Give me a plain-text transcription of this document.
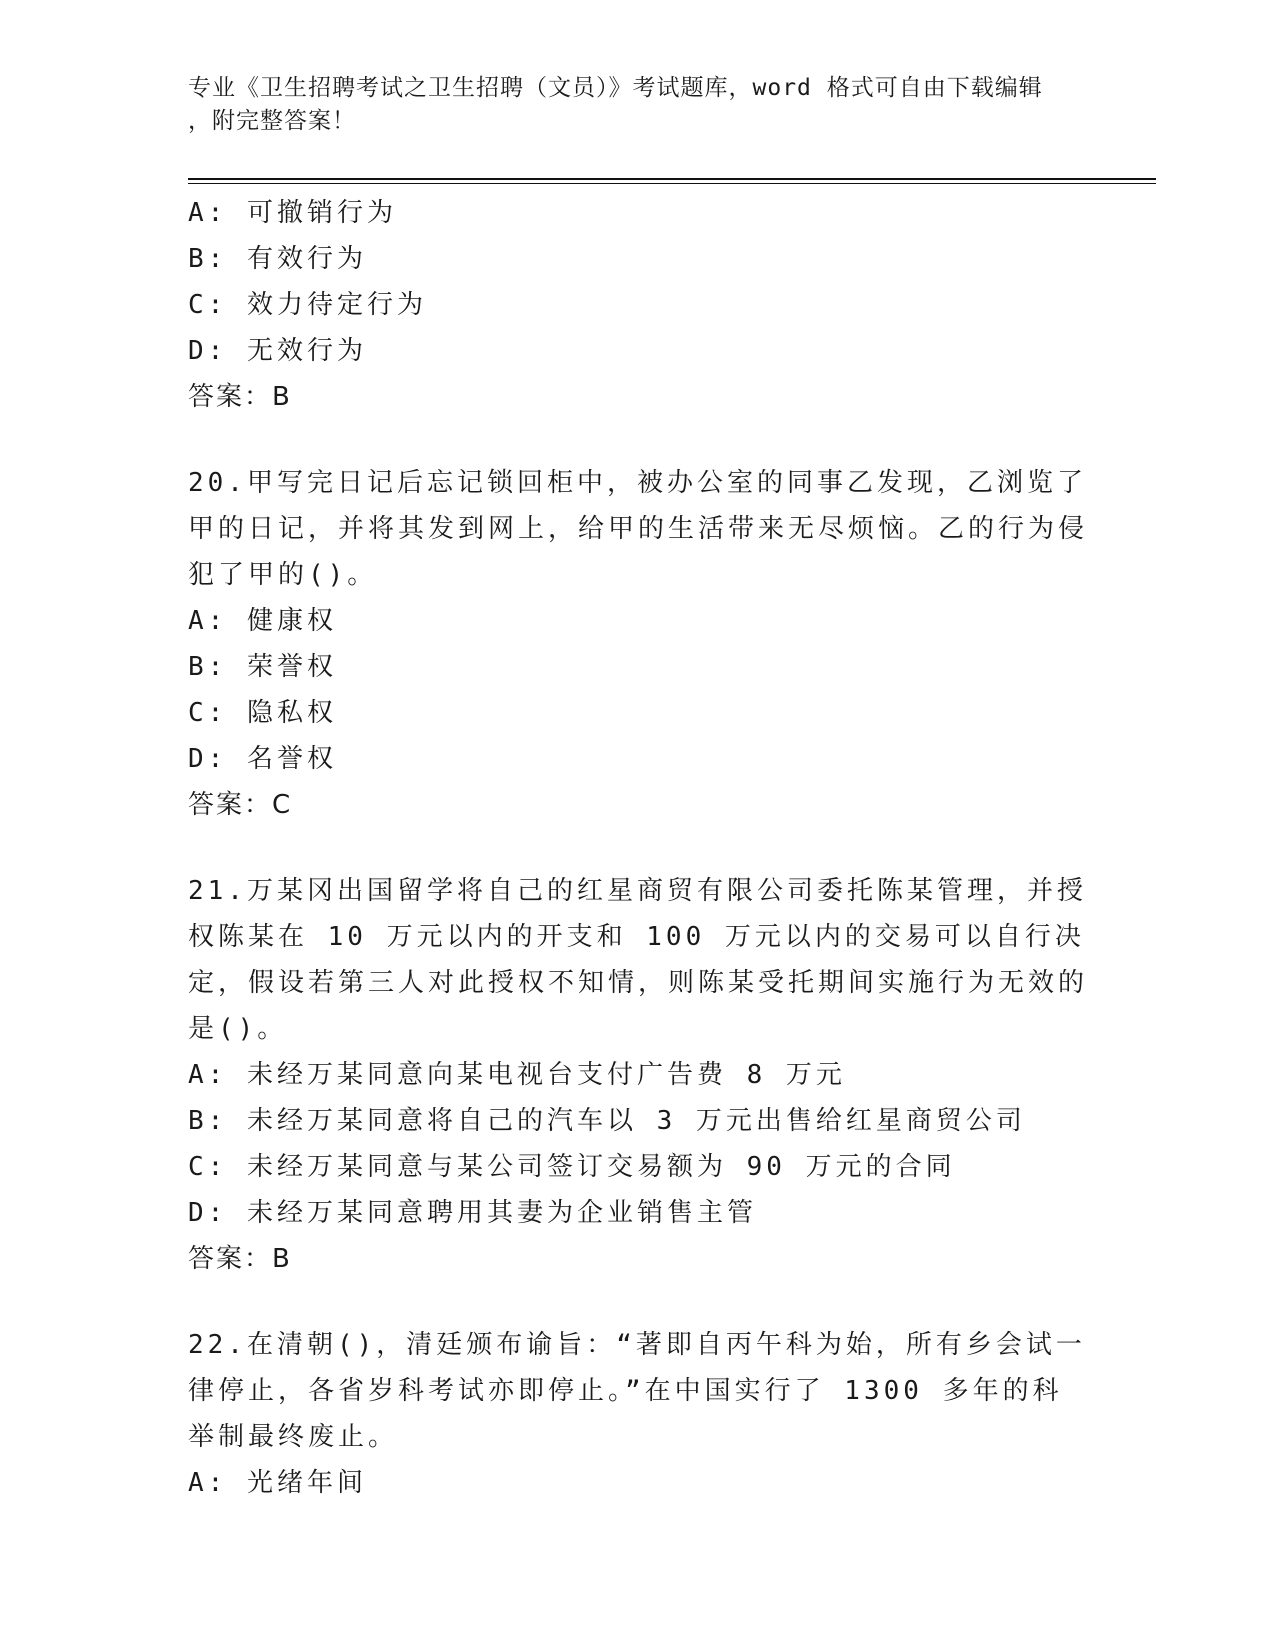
专业《卫生招聘考试之卫生招聘（文员）》考试题库，word 格式可自由下载编辑
，附完整答案！
A: 可撤销行为
B: 有效行为
C: 效力待定行为
D: 无效行为
答案：B
20.甲写完日记后忘记锁回柜中，被办公室的同事乙发现，乙浏览了甲的日记，并将其发到网上，给甲的生活带来无尽烦恼。乙的行为侵犯了甲的()。
A: 健康权
B: 荣誉权
C: 隐私权
D: 名誉权
答案：C
21.万某冈出国留学将自己的红星商贸有限公司委托陈某管理，并授权陈某在 10 万元以内的开支和 100 万元以内的交易可以自行决定，假设若第三人对此授权不知情，则陈某受托期间实施行为无效的是()。
A: 未经万某同意向某电视台支付广告费 8 万元
B: 未经万某同意将自己的汽车以 3 万元出售给红星商贸公司
C: 未经万某同意与某公司签订交易额为 90 万元的合同
D: 未经万某同意聘用其妻为企业销售主管
答案：B
22.在清朝()，清廷颁布谕旨：“著即自丙午科为始，所有乡会试一律停止，各省岁科考试亦即停止。”在中国实行了 1300 多年的科举制最终废止。
A: 光绪年间
